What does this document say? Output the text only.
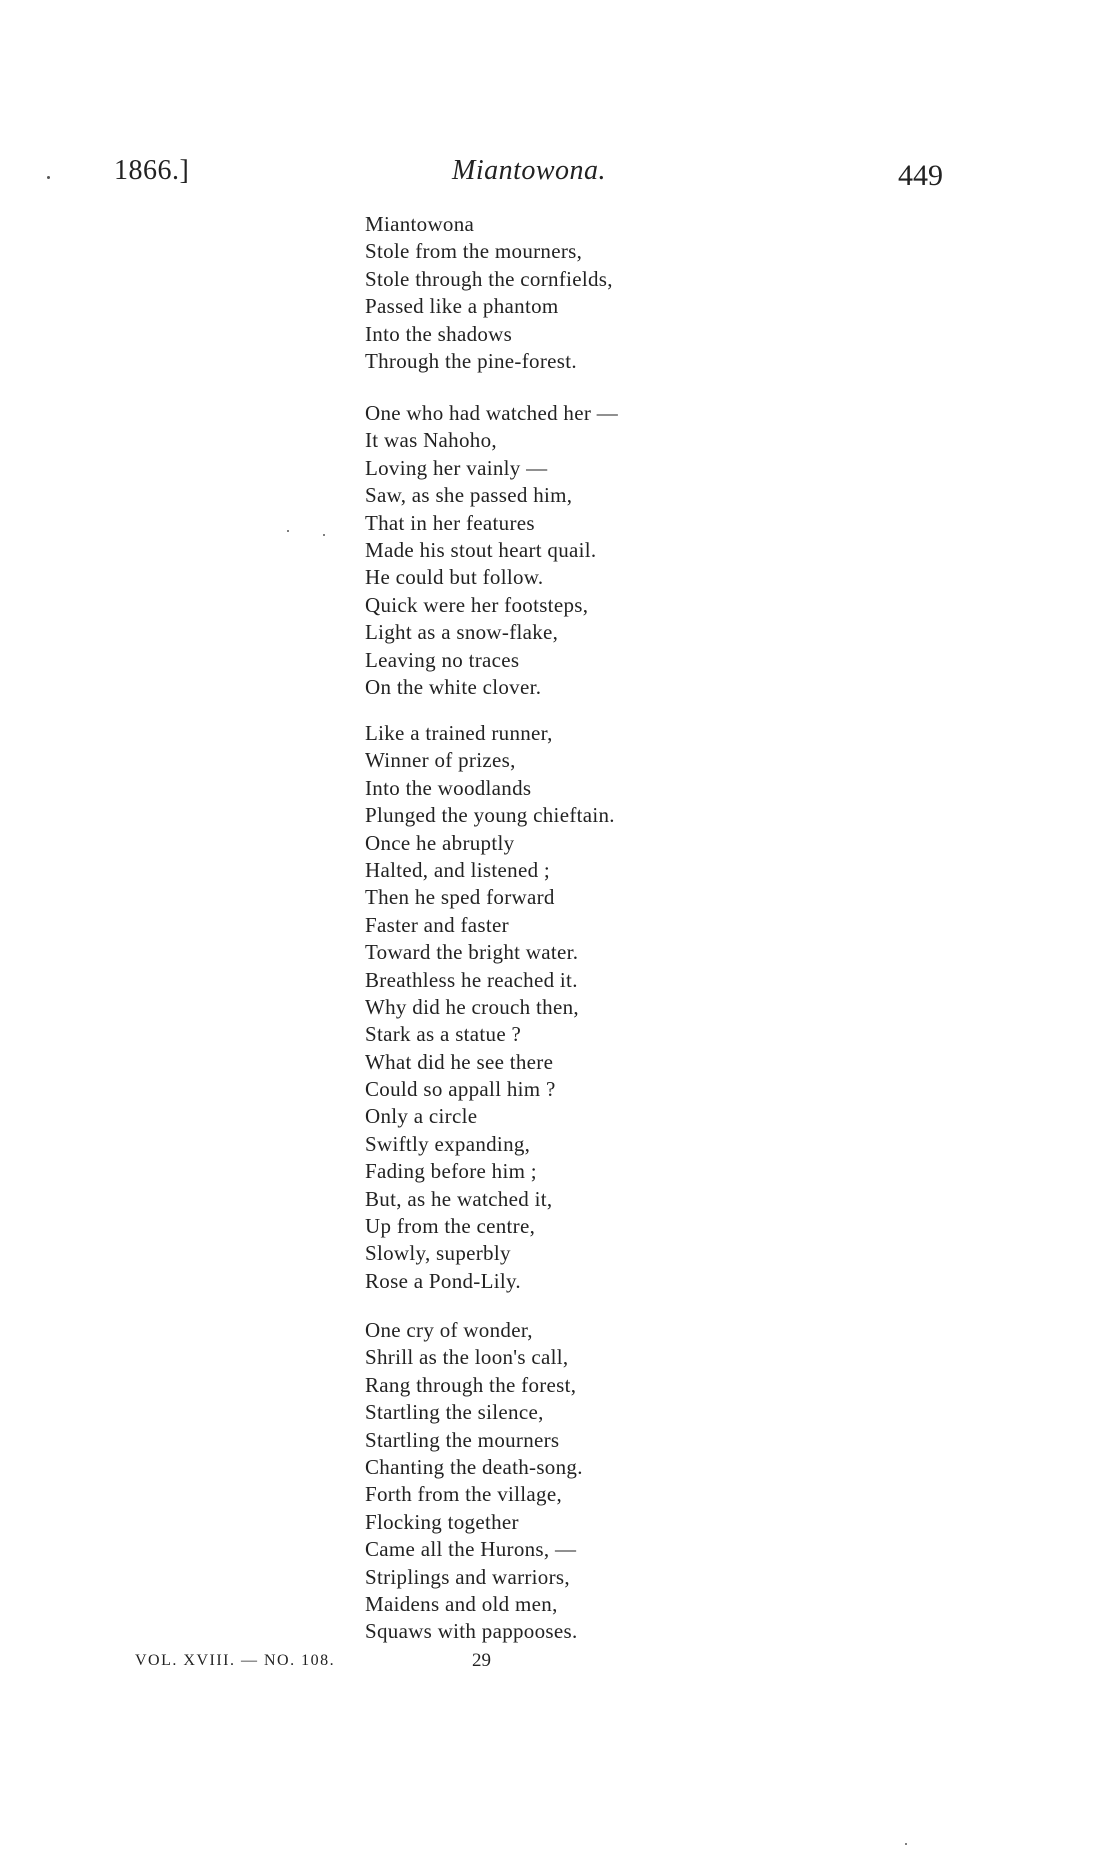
1866.]	Miantowona.	449
Miantowona
Stole from the mourners,
Stole through the cornfields,
Passed like a phantom
Into the shadows
Through the pine-forest.
One who had watched her —
It was Nahoho,
Loving her vainly —
Saw, as she passed him,
That in her features
Made his stout heart quail.
He could but follow.
Quick were her footsteps,
Light as a snow-flake,
Leaving no traces
On the white clover.
Like a trained runner,
Winner of prizes,
Into the woodlands
Plunged the young chieftain.
Once he abruptly
Halted, and listened ;
Then he sped forward
Faster and faster
Toward the bright water.
Breathless he reached it.
Why did he crouch then,
Stark as a statue ?
What did he see there
Could so appall him ?
Only a circle
Swiftly expanding,
Fading before him ;
But, as he watched it,
Up from the centre,
Slowly, superbly
Rose a Pond-Lily.
One cry of wonder,
Shrill as the loon's call,
Rang through the forest,
Startling the silence,
Startling the mourners
Chanting the death-song.
Forth from the village,
Flocking together
Came all the Hurons, —
Striplings and warriors,
Maidens and old men,
Squaws with pappooses.
VOL. XVIII. — NO. 108.	29
